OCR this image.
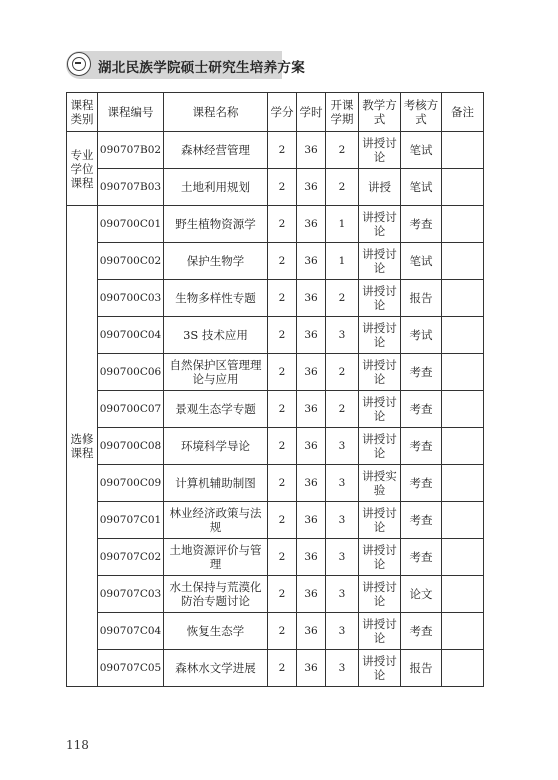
湖北民族学院硕士研究生培养方案
课程类别	课程编号	课程名称	学分	学时	开课学期	教学方式	考核方式	备注
专业学位课程	090707B02	森林经营管理	2	36	2	讲授讨论	笔试	
	090707B03	土地利用规划	2	36	2	讲授	笔试	
选修课程	090700C01	野生植物资源学	2	36	1	讲授讨论	考查	
	090700C02	保护生物学	2	36	1	讲授讨论	笔试	
	090700C03	生物多样性专题	2	36	2	讲授讨论	报告	
	090700C04	3S 技术应用	2	36	3	讲授讨论	考试	
	090700C06	自然保护区管理理论与应用	2	36	2	讲授讨论	考查	
	090700C07	景观生态学专题	2	36	2	讲授讨论	考查	
	090700C08	环境科学导论	2	36	3	讲授讨论	考查	
	090700C09	计算机辅助制图	2	36	3	讲授实验	考查	
	090707C01	林业经济政策与法规	2	36	3	讲授讨论	考查	
	090707C02	土地资源评价与管理	2	36	3	讲授讨论	考查	
	090707C03	水土保持与荒漠化防治专题讨论	2	36	3	讲授讨论	论文	
	090707C04	恢复生态学	2	36	3	讲授讨论	考查	
	090707C05	森林水文学进展	2	36	3	讲授讨论	报告	
118
